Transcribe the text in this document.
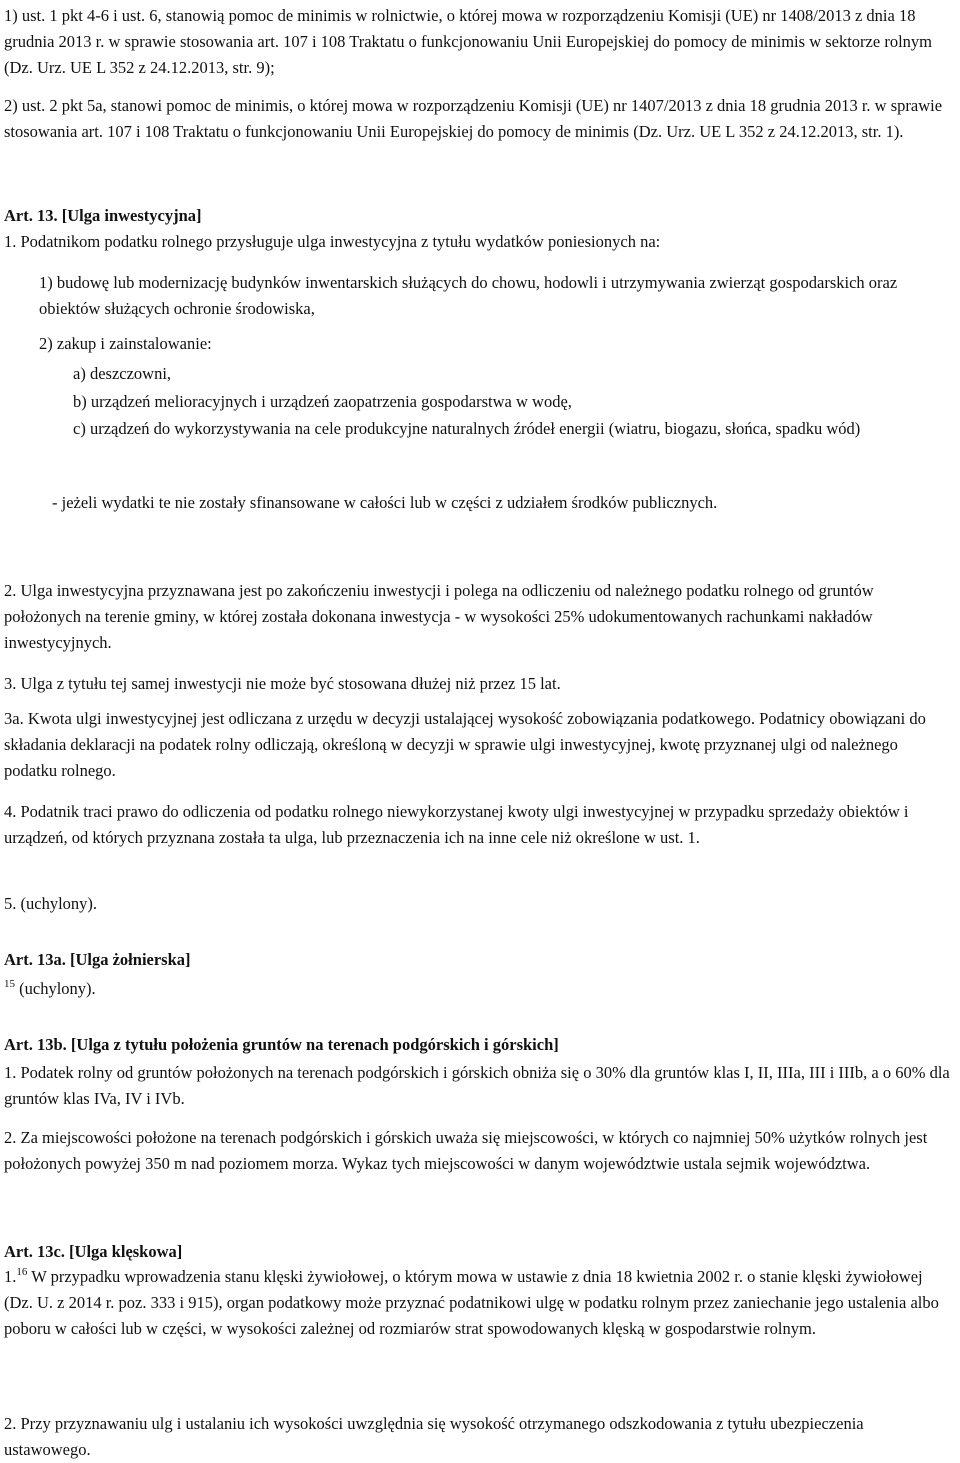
1) ust. 1 pkt 4-6 i ust. 6, stanowią pomoc de minimis w rolnictwie, o której mowa w rozporządzeniu Komisji (UE) nr 1408/2013 z dnia 18 grudnia 2013 r. w sprawie stosowania art. 107 i 108 Traktatu o funkcjonowaniu Unii Europejskiej do pomocy de minimis w sektorze rolnym (Dz. Urz. UE L 352 z 24.12.2013, str. 9);

2) ust. 2 pkt 5a, stanowi pomoc de minimis, o której mowa w rozporządzeniu Komisji (UE) nr 1407/2013 z dnia 18 grudnia 2013 r. w sprawie stosowania art. 107 i 108 Traktatu o funkcjonowaniu Unii Europejskiej do pomocy de minimis (Dz. Urz. UE L 352 z 24.12.2013, str. 1).

Art. 13. [Ulga inwestycyjna]

1. Podatnikom podatku rolnego przysługuje ulga inwestycyjna z tytułu wydatków poniesionych na:

1) budowę lub modernizację budynków inwentarskich służących do chowu, hodowli i utrzymywania zwierząt gospodarskich oraz obiektów służących ochronie środowiska,

2) zakup i zainstalowanie:

a) deszczowni,

b) urządzeń melioracyjnych i urządzeń zaopatrzenia gospodarstwa w wodę,

c) urządzeń do wykorzystywania na cele produkcyjne naturalnych źródeł energii (wiatru, biogazu, słońca, spadku wód)

- jeżeli wydatki te nie zostały sfinansowane w całości lub w części z udziałem środków publicznych.

2. Ulga inwestycyjna przyznawana jest po zakończeniu inwestycji i polega na odliczeniu od należnego podatku rolnego od gruntów położonych na terenie gminy, w której została dokonana inwestycja - w wysokości 25% udokumentowanych rachunkami nakładów inwestycyjnych.

3. Ulga z tytułu tej samej inwestycji nie może być stosowana dłużej niż przez 15 lat.

3a. Kwota ulgi inwestycyjnej jest odliczana z urzędu w decyzji ustalającej wysokość zobowiązania podatkowego. Podatnicy obowiązani do składania deklaracji na podatek rolny odliczają, określoną w decyzji w sprawie ulgi inwestycyjnej, kwotę przyznanej ulgi od należnego podatku rolnego.

4. Podatnik traci prawo do odliczenia od podatku rolnego niewykorzystanej kwoty ulgi inwestycyjnej w przypadku sprzedaży obiektów i urządzeń, od których przyznana została ta ulga, lub przeznaczenia ich na inne cele niż określone w ust. 1.

5. (uchylony).

Art. 13a. [Ulga żołnierska]

$^{15}$ (uchylony).

Art. 13b. [Ulga z tytułu położenia gruntów na terenach podgórskich i górskich]

1. Podatek rolny od gruntów położonych na terenach podgórskich i górskich obniża się o 30% dla gruntów klas I, II, IIIa, III i IIIb, a o 60% dla gruntów klas IVa, IV i IVb.

2. Za miejscowości położone na terenach podgórskich i górskich uważa się miejscowości, w których co najmniej 50% użytków rolnych jest położonych powyżej 350 m nad poziomem morza. Wykaz tych miejscowości w danym województwie ustala sejmik województwa.

Art. 13c. [Ulga klęskowa]

1.16 W przypadku wprowadzenia stanu klęski żywiołowej, o którym mowa w ustawie z dnia 18 kwietnia 2002 r. o stanie klęski żywiołowej (Dz. U. z 2014 r. poz. 333 i 915), organ podatkowy może przyznać podatnikowi ulgę w podatku rolnym przez zaniechanie jego ustalenia albo poboru w całości lub w części, w wysokości zależnej od rozmiarów strat spowodowanych klęską w gospodarstwie rolnym.

2. Przy przyznawaniu ulg i ustalaniu ich wysokości uwzględnia się wysokość otrzymanego odszkodowania z tytułu ubezpieczenia ustawowego.
